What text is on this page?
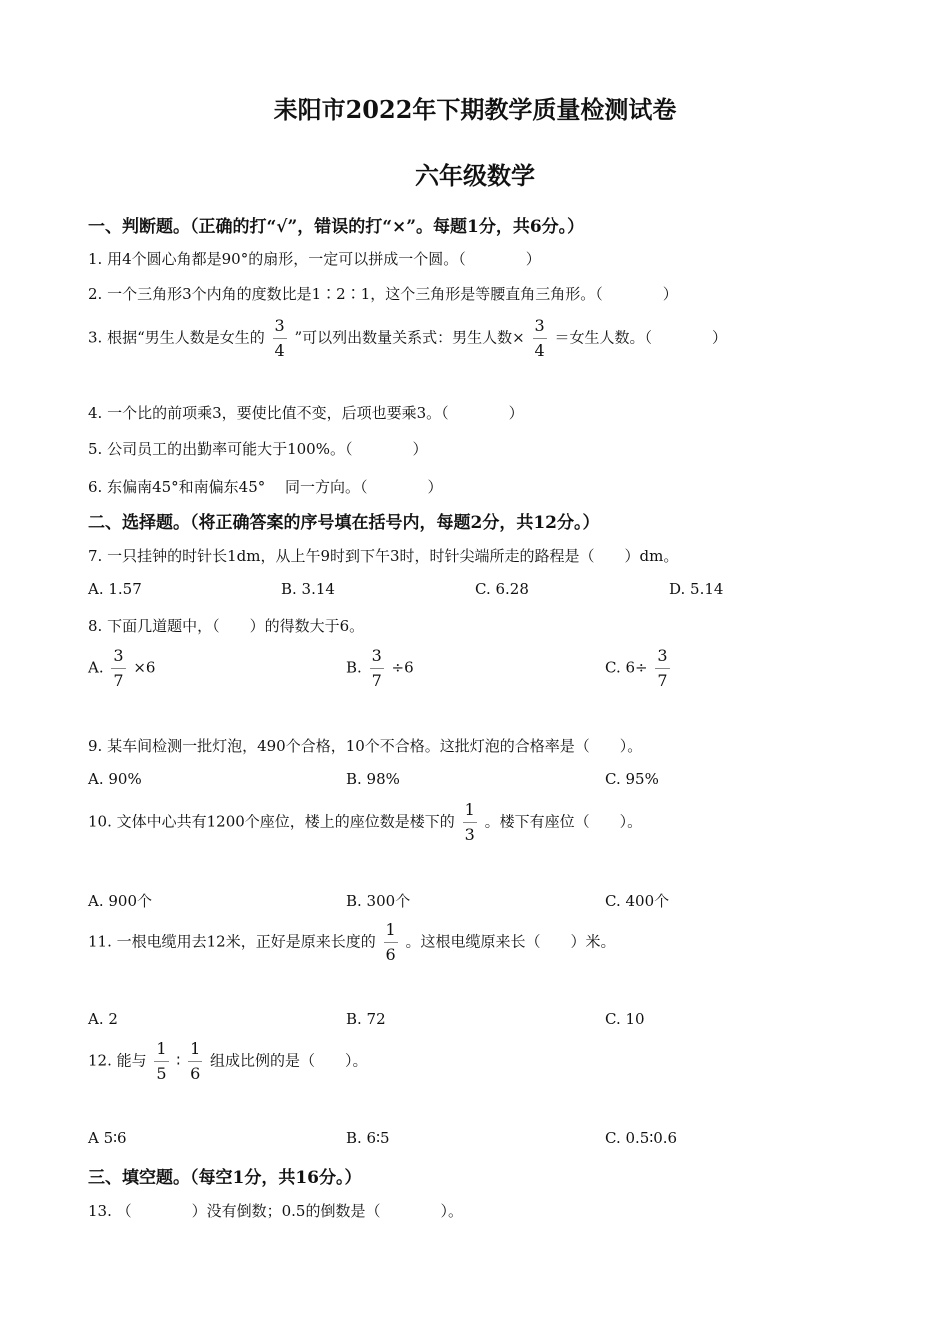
耒阳市2022年下期教学质量检测试卷
六年级数学
一、判断题。（正确的打“√”，错误的打“×”。每题1分，共6分。）
1. 用4个圆心角都是90°的扇形，一定可以拼成一个圆。（　　　　）
2. 一个三角形3个内角的度数比是1∶2∶1，这个三角形是等腰直角三角形。（　　　　）
3. 根据“男生人数是女生的 $\frac{3}{4}$ ”可以列出数量关系式：男生人数× $\frac{3}{4}$ ＝女生人数。（　　　　）
4. 一个比的前项乘3，要使比值不变，后项也要乘3。（　　　　）
5. 公司员工的出勤率可能大于100%。（　　　　）
6. 东偏南45°和南偏东45°　 同一方向。（　　　　）
二、选择题。（将正确答案的序号填在括号内，每题2分，共12分。）
7. 一只挂钟的时针长1dm，从上午9时到下午3时，时针尖端所走的路程是（　　）dm。
A. 1.57	B. 3.14	C. 6.28	D. 5.14
8. 下面几道题中，（　　）的得数大于6。
A. $\frac{3}{7} \times 6$	B. $\frac{3}{7} \div 6$	C. $6\div \frac{3}{7}$
9. 某车间检测一批灯泡，490个合格，10个不合格。这批灯泡的合格率是（　　）。
A. 90%	B. 98%	C. 95%
10. 文体中心共有1200个座位，楼上的座位数是楼下的 $\frac{1}{3}$ 。楼下有座位（　　）。
A. 900个	B. 300个	C. 400个
11. 一根电缆用去12米，正好是原来长度的 $\frac{1}{6}$ 。这根电缆原来长（　　）米。
A. 2	B. 72	C. 10
12. 能与 $\frac{1}{5}$ ∶ $\frac{1}{6}$ 组成比例的是（　　）。
A 5∶6	B. 6∶5	C. 0.5∶0.6
三、填空题。（每空1分，共16分。）
13. （　　　　）没有倒数；0.5的倒数是（　　　　）。
